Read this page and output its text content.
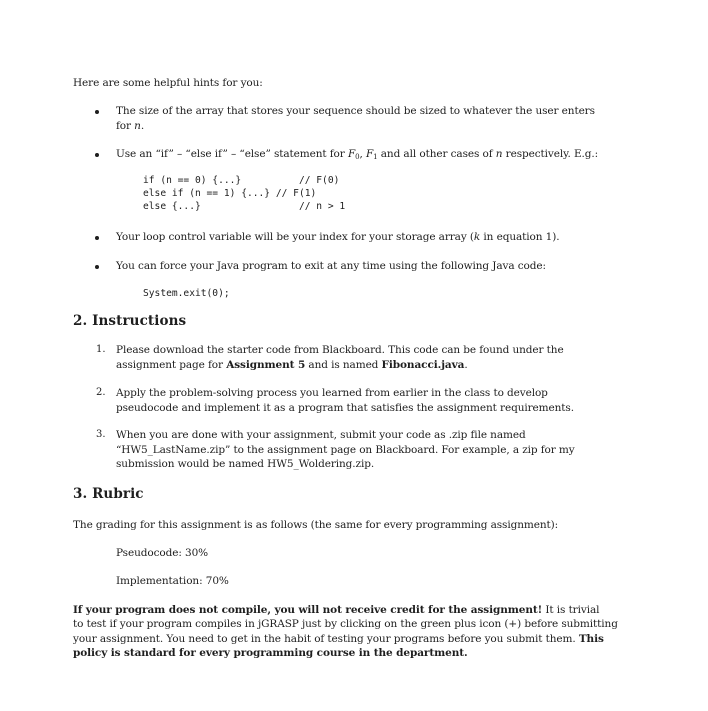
Here are some helpful hints for you:
The size of the array that stores your sequence should be sized to whatever the user enters
for n.
Use an “if” – “else if” – “else” statement for $F_0$, $F_1$ and all other cases of n respectively. E.g.:
if (n == 0) {...}          // F(0)
else if (n == 1) {...} // F(1)
else {...}                 // n > 1
Your loop control variable will be your index for your storage array (k in equation 1).
You can force your Java program to exit at any time using the following Java code:
System.exit(0);
2. Instructions
1. Please download the starter code from Blackboard. This code can be found under the
assignment page for Assignment 5 and is named Fibonacci.java.
2. Apply the problem-solving process you learned from earlier in the class to develop
pseudocode and implement it as a program that satisfies the assignment requirements.
3. When you are done with your assignment, submit your code as .zip file named
“HW5_LastName.zip” to the assignment page on Blackboard. For example, a zip for my
submission would be named HW5_Woldering.zip.
3. Rubric
The grading for this assignment is as follows (the same for every programming assignment):
Pseudocode: 30%
Implementation: 70%
If your program does not compile, you will not receive credit for the assignment! It is trivial
to test if your program compiles in jGRASP just by clicking on the green plus icon (+) before submitting
your assignment. You need to get in the habit of testing your programs before you submit them. This
policy is standard for every programming course in the department.
